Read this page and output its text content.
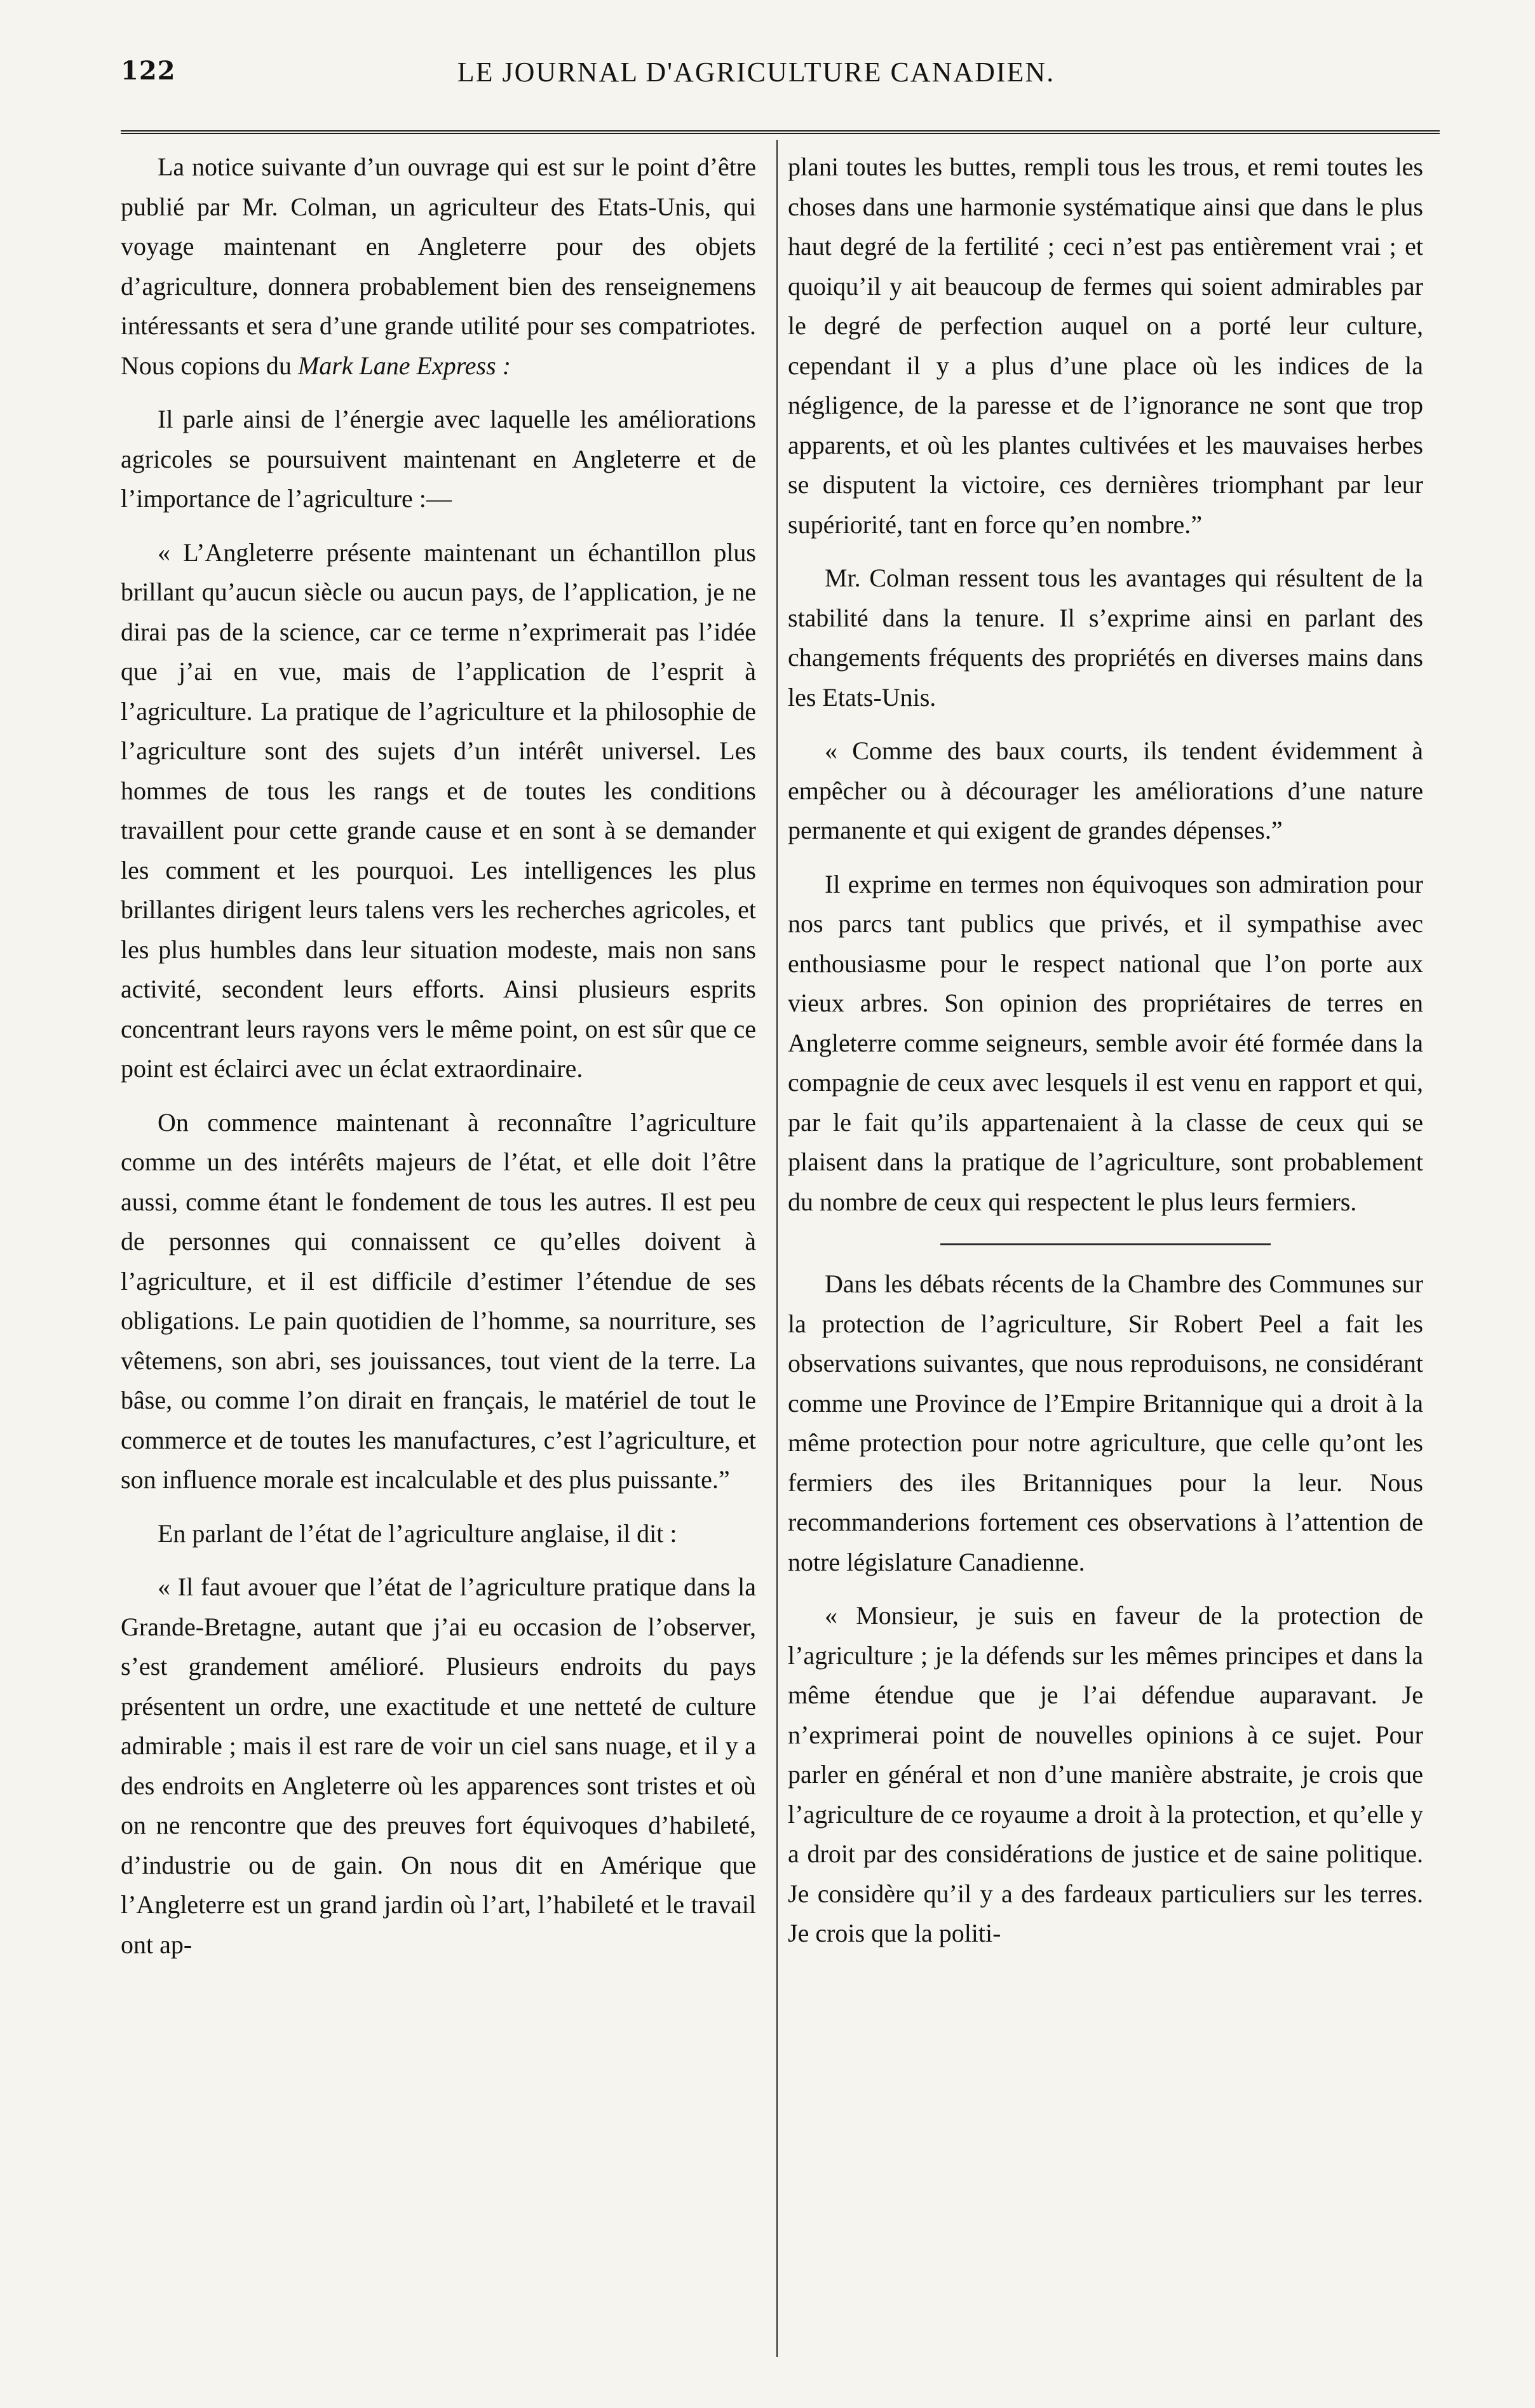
122	LE JOURNAL D'AGRICULTURE CANADIEN.

La notice suivante d’un ouvrage qui est sur le point d’être publié par Mr. Colman, un agriculteur des Etats-Unis, qui voyage maintenant en Angleterre pour des objets d’agriculture, donnera probablement bien des renseignemens intéressants et sera d’une grande utilité pour ses compatriotes. Nous copions du Mark Lane Express :

Il parle ainsi de l’énergie avec laquelle les améliorations agricoles se poursuivent maintenant en Angleterre et de l’importance de l’agriculture :—

« L’Angleterre présente maintenant un échantillon plus brillant qu’aucun siècle ou aucun pays, de l’application, je ne dirai pas de la science, car ce terme n’exprimerait pas l’idée que j’ai en vue, mais de l’application de l’esprit à l’agriculture. La pratique de l’agriculture et la philosophie de l’agriculture sont des sujets d’un intérêt universel. Les hommes de tous les rangs et de toutes les conditions travaillent pour cette grande cause et en sont à se demander les comment et les pourquoi. Les intelligences les plus brillantes dirigent leurs talens vers les recherches agricoles, et les plus humbles dans leur situation modeste, mais non sans activité, secondent leurs efforts. Ainsi plusieurs esprits concentrant leurs rayons vers le même point, on est sûr que ce point est éclairci avec un éclat extraordinaire.

On commence maintenant à reconnaître l’agriculture comme un des intérêts majeurs de l’état, et elle doit l’être aussi, comme étant le fondement de tous les autres. Il est peu de personnes qui connaissent ce qu’elles doivent à l’agriculture, et il est difficile d’estimer l’étendue de ses obligations. Le pain quotidien de l’homme, sa nourriture, ses vêtemens, son abri, ses jouissances, tout vient de la terre. La bâse, ou comme l’on dirait en français, le matériel de tout le commerce et de toutes les manufactures, c’est l’agriculture, et son influence morale est incalculable et des plus puissante.”

En parlant de l’état de l’agriculture anglaise, il dit :

« Il faut avouer que l’état de l’agriculture pratique dans la Grande-Bretagne, autant que j’ai eu occasion de l’observer, s’est grandement amélioré. Plusieurs endroits du pays présentent un ordre, une exactitude et une netteté de culture admirable ; mais il est rare de voir un ciel sans nuage, et il y a des endroits en Angleterre où les apparences sont tristes et où on ne rencontre que des preuves fort équivoques d’habileté, d’industrie ou de gain. On nous dit en Amérique que l’Angleterre est un grand jardin où l’art, l’habileté et le travail ont ap-

plani toutes les buttes, rempli tous les trous, et remi toutes les choses dans une harmonie systématique ainsi que dans le plus haut degré de la fertilité ; ceci n’est pas entièrement vrai ; et quoiqu’il y ait beaucoup de fermes qui soient admirables par le degré de perfection auquel on a porté leur culture, cependant il y a plus d’une place où les indices de la négligence, de la paresse et de l’ignorance ne sont que trop apparents, et où les plantes cultivées et les mauvaises herbes se disputent la victoire, ces dernières triomphant par leur supériorité, tant en force qu’en nombre.”

Mr. Colman ressent tous les avantages qui résultent de la stabilité dans la tenure. Il s’exprime ainsi en parlant des changements fréquents des propriétés en diverses mains dans les Etats-Unis.

« Comme des baux courts, ils tendent évidemment à empêcher ou à décourager les améliorations d’une nature permanente et qui exigent de grandes dépenses.”

Il exprime en termes non équivoques son admiration pour nos parcs tant publics que privés, et il sympathise avec enthousiasme pour le respect national que l’on porte aux vieux arbres. Son opinion des propriétaires de terres en Angleterre comme seigneurs, semble avoir été formée dans la compagnie de ceux avec lesquels il est venu en rapport et qui, par le fait qu’ils appartenaient à la classe de ceux qui se plaisent dans la pratique de l’agriculture, sont probablement du nombre de ceux qui respectent le plus leurs fermiers.

Dans les débats récents de la Chambre des Communes sur la protection de l’agriculture, Sir Robert Peel a fait les observations suivantes, que nous reproduisons, ne considérant comme une Province de l’Empire Britannique qui a droit à la même protection pour notre agriculture, que celle qu’ont les fermiers des iles Britanniques pour la leur. Nous recommanderions fortement ces observations à l’attention de notre législature Canadienne.

« Monsieur, je suis en faveur de la protection de l’agriculture ; je la défends sur les mêmes principes et dans la même étendue que je l’ai défendue auparavant. Je n’exprimerai point de nouvelles opinions à ce sujet. Pour parler en général et non d’une manière abstraite, je crois que l’agriculture de ce royaume a droit à la protection, et qu’elle y a droit par des considérations de justice et de saine politique. Je considère qu’il y a des fardeaux particuliers sur les terres. Je crois que la politi-
